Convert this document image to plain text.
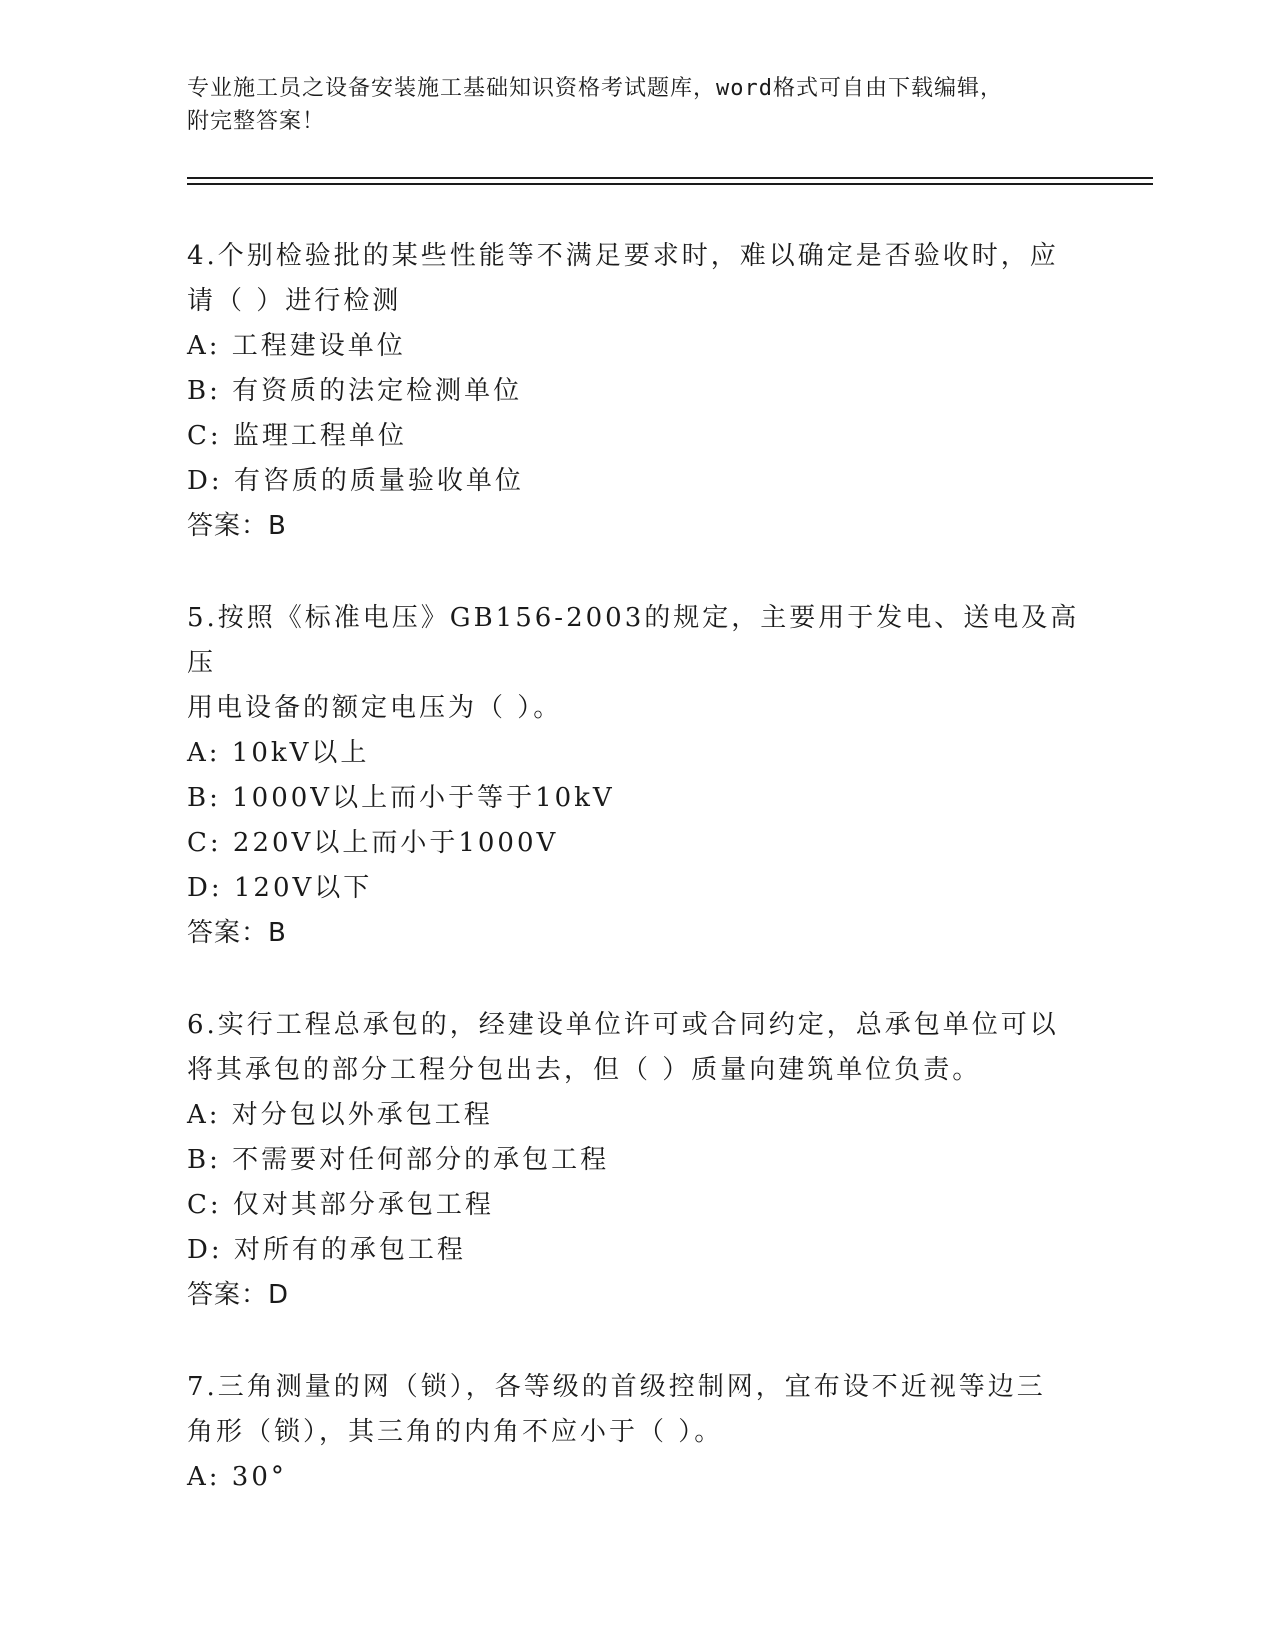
专业施工员之设备安装施工基础知识资格考试题库，word格式可自由下载编辑，
附完整答案！

4.个别检验批的某些性能等不满足要求时，难以确定是否验收时，应

请（ ）进行检测

A: 工程建设单位

B: 有资质的法定检测单位

C: 监理工程单位

D: 有咨质的质量验收单位

答案：B

5.按照《标准电压》GB156-2003的规定，主要用于发电、送电及高压

用电设备的额定电压为（ ）。

A: 10kV以上

B: 1000V以上而小于等于10kV

C: 220V以上而小于1000V

D: 120V以下

答案：B

6.实行工程总承包的，经建设单位许可或合同约定，总承包单位可以

将其承包的部分工程分包出去，但（ ）质量向建筑单位负责。

A: 对分包以外承包工程

B: 不需要对任何部分的承包工程

C: 仅对其部分承包工程

D: 对所有的承包工程

答案：D

7.三角测量的网（锁），各等级的首级控制网，宜布设不近视等边三

角形（锁），其三角的内角不应小于（ ）。

A: 30°
